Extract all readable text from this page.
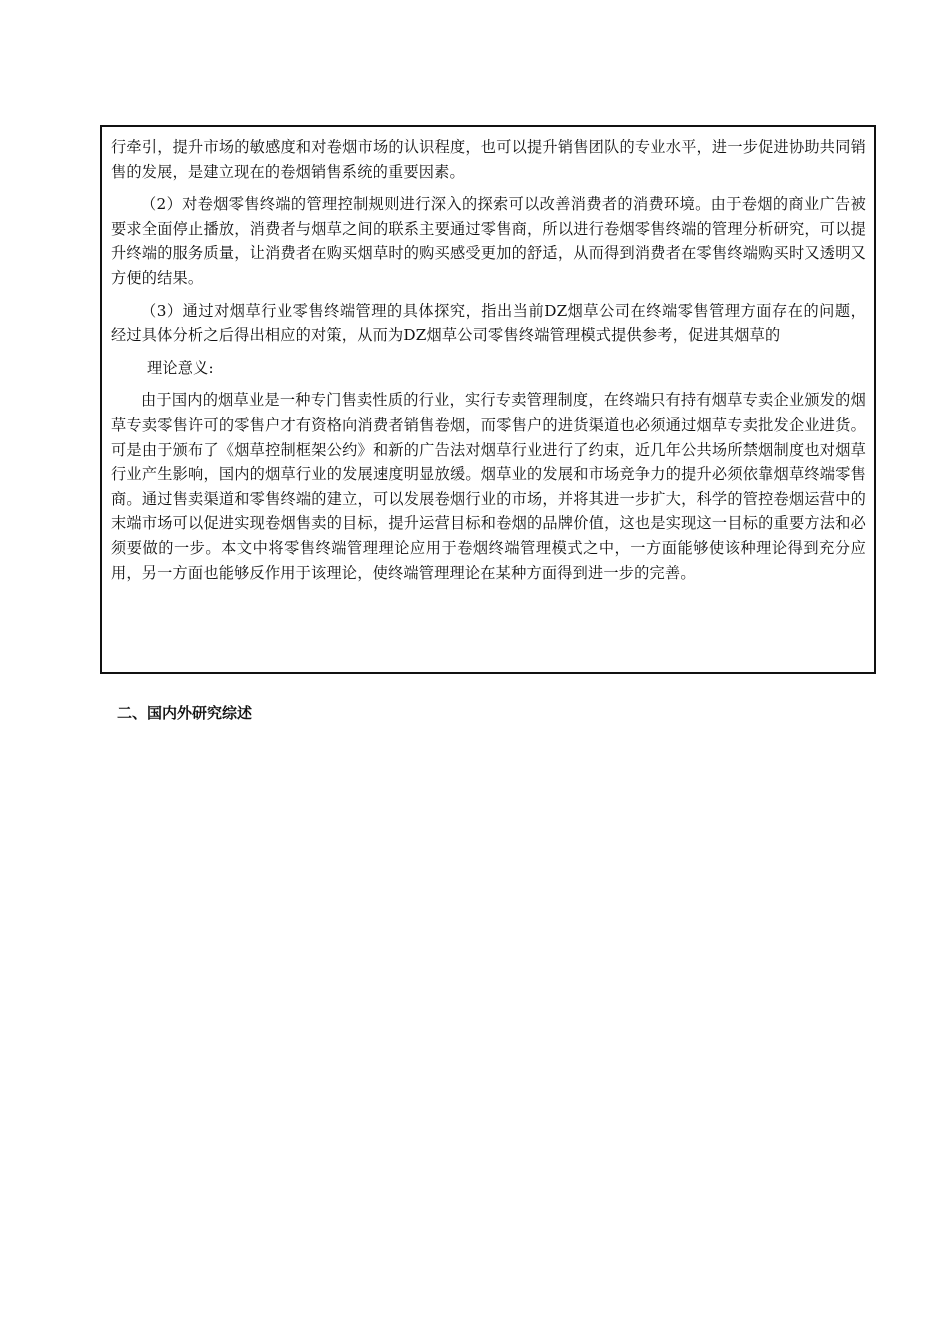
行牵引，提升市场的敏感度和对卷烟市场的认识程度，也可以提升销售团队的专业水平，进一步促进协助共同销售的发展，是建立现在的卷烟销售系统的重要因素。

（2）对卷烟零售终端的管理控制规则进行深入的探索可以改善消费者的消费环境。由于卷烟的商业广告被要求全面停止播放，消费者与烟草之间的联系主要通过零售商，所以进行卷烟零售终端的管理分析研究，可以提升终端的服务质量，让消费者在购买烟草时的购买感受更加的舒适，从而得到消费者在零售终端购买时又透明又方便的结果。

（3）通过对烟草行业零售终端管理的具体探究，指出当前DZ烟草公司在终端零售管理方面存在的问题，经过具体分析之后得出相应的对策，从而为DZ烟草公司零售终端管理模式提供参考，促进其烟草的

理论意义:

由于国内的烟草业是一种专门售卖性质的行业，实行专卖管理制度，在终端只有持有烟草专卖企业颁发的烟草专卖零售许可的零售户才有资格向消费者销售卷烟，而零售户的进货渠道也必须通过烟草专卖批发企业进货。可是由于颁布了《烟草控制框架公约》和新的广告法对烟草行业进行了约束，近几年公共场所禁烟制度也对烟草行业产生影响，国内的烟草行业的发展速度明显放缓。烟草业的发展和市场竞争力的提升必须依靠烟草终端零售商。通过售卖渠道和零售终端的建立，可以发展卷烟行业的市场，并将其进一步扩大，科学的管控卷烟运营中的末端市场可以促进实现卷烟售卖的目标，提升运营目标和卷烟的品牌价值，这也是实现这一目标的重要方法和必须要做的一步。本文中将零售终端管理理论应用于卷烟终端管理模式之中，一方面能够使该种理论得到充分应用，另一方面也能够反作用于该理论，使终端管理理论在某种方面得到进一步的完善。

二、国内外研究综述
